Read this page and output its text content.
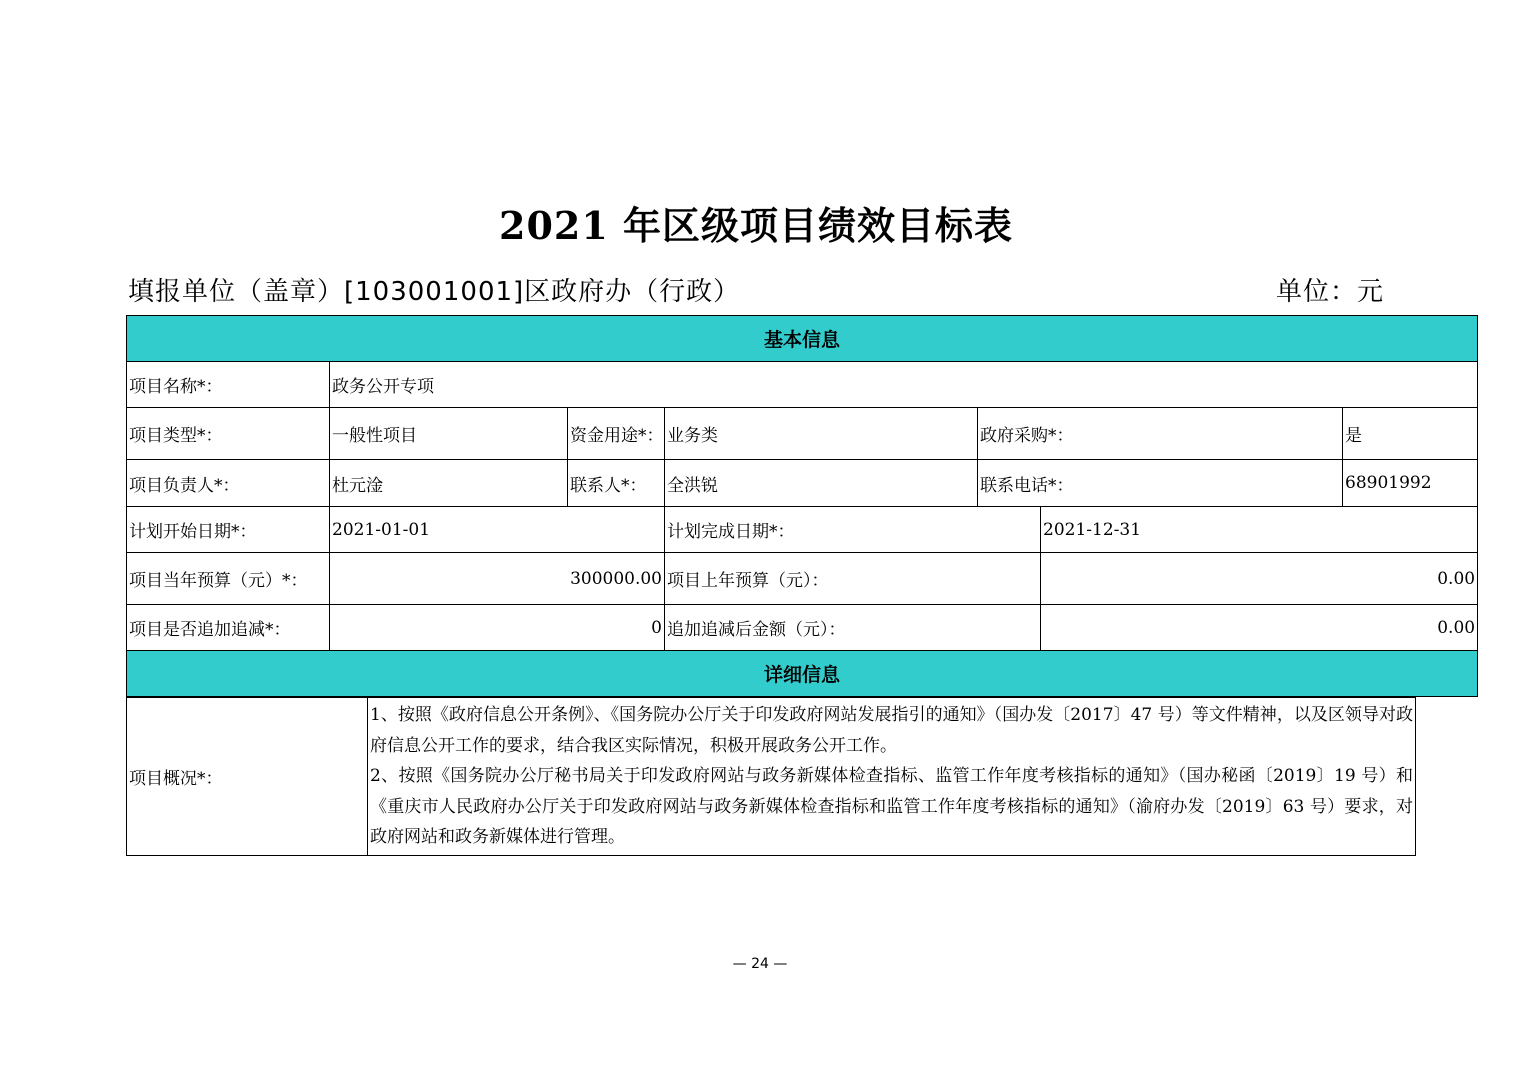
2021 年区级项目绩效目标表
填报单位（盖章）[103001001]区政府办（行政）	单位：元
基本信息						
项目名称*：	政务公开专项					
项目类型*：	一般性项目	资金用途*：	业务类	政府采购*：		是
项目负责人*：	杜元淦	联系人*：	全洪锐	联系电话*：		68901992
计划开始日期*：	2021-01-01		计划完成日期*：		2021-12-31	
项目当年预算（元）*：	300000.00		项目上年预算（元）：		0.00	
项目是否追加追减*：	0		追加追减后金额（元）：		0.00	
详细信息						
项目概况*：	

1、按照《政府信息公开条例》、《国务院办公厅关于印发政府网站发展指引的通知》（国办发〔2017〕47 号）等文件精神，以及区领导对政府信息公开工作的要求，结合我区实际情况，积极开展政务公开工作。

2、按照《国务院办公厅秘书局关于印发政府网站与政务新媒体检查指标、监管工作年度考核指标的通知》（国办秘函〔2019〕19 号）和《重庆市人民政府办公厅关于印发政府网站与政务新媒体检查指标和监管工作年度考核指标的通知》（渝府办发〔2019〕63 号）要求，对政府网站和政务新媒体进行管理。

— 24 —
